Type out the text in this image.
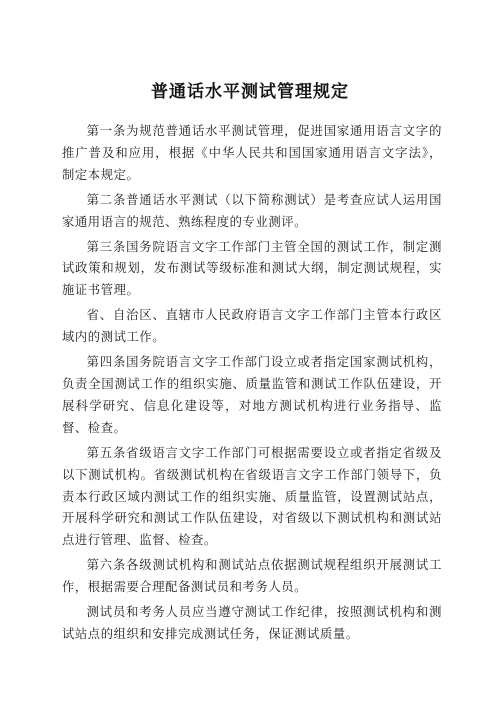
普通话水平测试管理规定

第一条为规范普通话水平测试管理，促进国家通用语言文字的推广普及和应用，根据《中华人民共和国国家通用语言文字法》，制定本规定。

第二条普通话水平测试（以下简称测试）是考查应试人运用国家通用语言的规范、熟练程度的专业测评。

第三条国务院语言文字工作部门主管全国的测试工作，制定测试政策和规划，发布测试等级标准和测试大纲，制定测试规程，实施证书管理。

省、自治区、直辖市人民政府语言文字工作部门主管本行政区域内的测试工作。

第四条国务院语言文字工作部门设立或者指定国家测试机构，负责全国测试工作的组织实施、质量监管和测试工作队伍建设，开展科学研究、信息化建设等，对地方测试机构进行业务指导、监督、检查。

第五条省级语言文字工作部门可根据需要设立或者指定省级及以下测试机构。省级测试机构在省级语言文字工作部门领导下，负责本行政区域内测试工作的组织实施、质量监管，设置测试站点，开展科学研究和测试工作队伍建设，对省级以下测试机构和测试站点进行管理、监督、检查。

第六条各级测试机构和测试站点依据测试规程组织开展测试工作，根据需要合理配备测试员和考务人员。

测试员和考务人员应当遵守测试工作纪律，按照测试机构和测试站点的组织和安排完成测试任务，保证测试质量。
